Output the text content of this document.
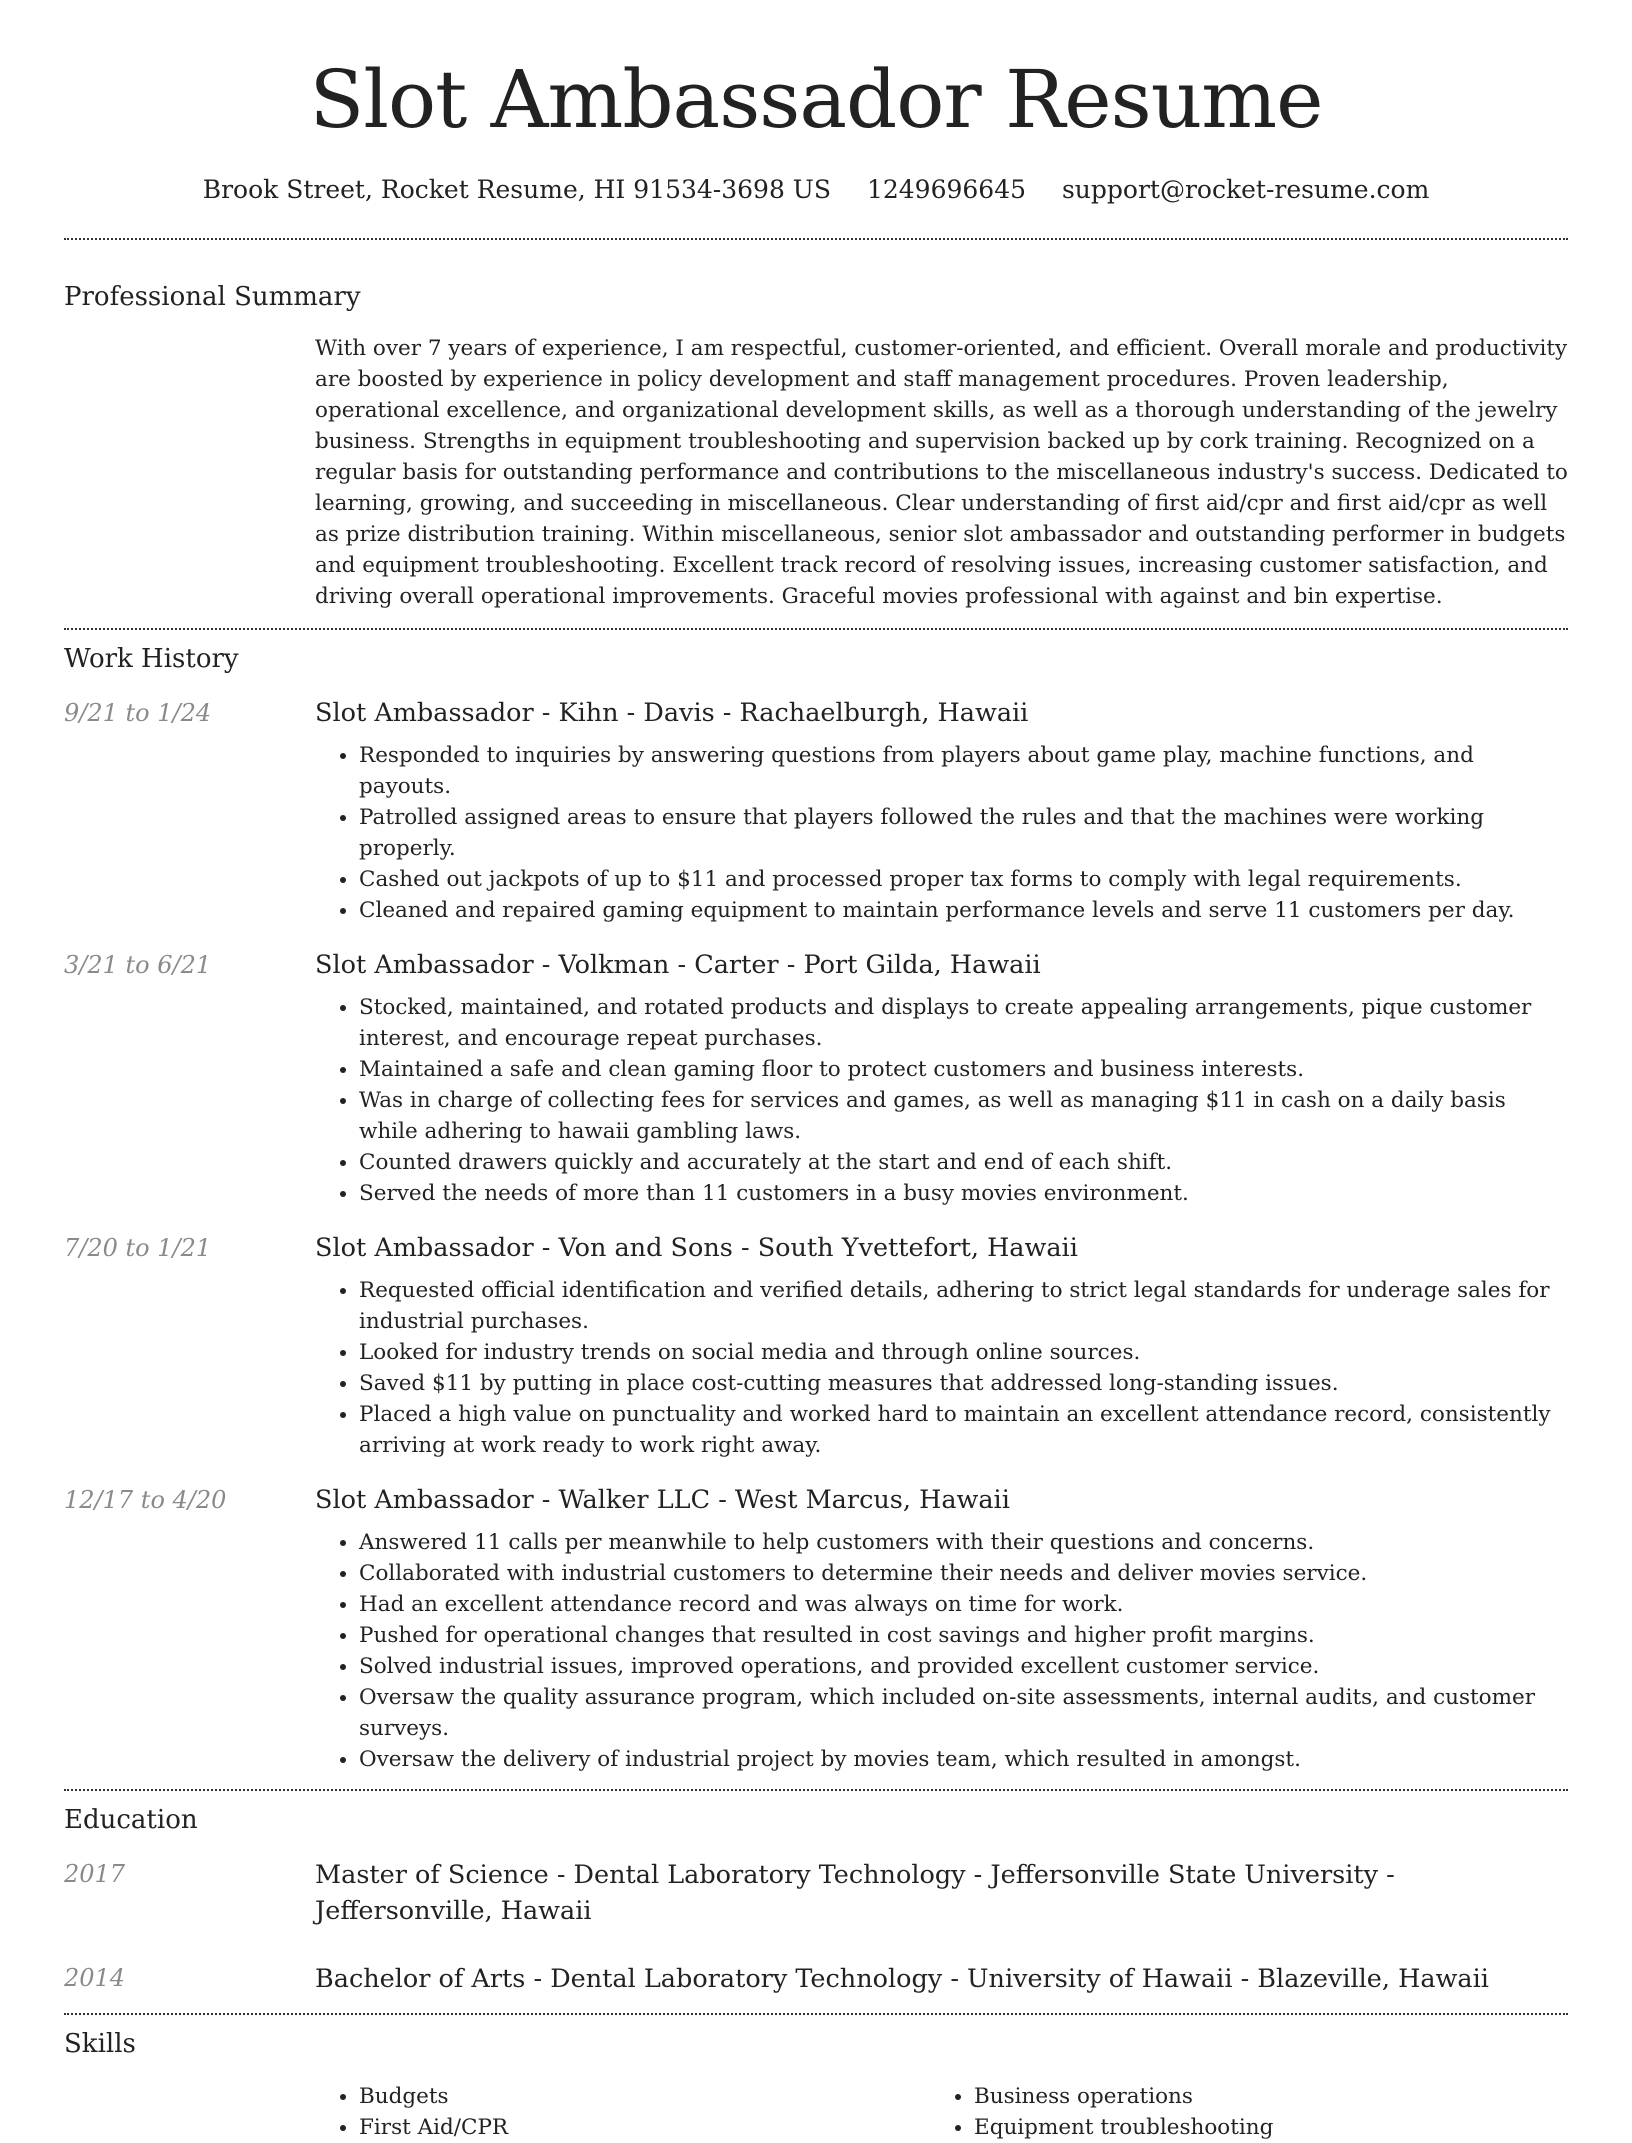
Slot Ambassador Resume
Brook Street, Rocket Resume, HI 91534-3698 US 1249696645 support@rocket-resume.com
Professional Summary

With over 7 years of experience, I am respectful, customer-oriented, and efficient. Overall morale and productivity are boosted by experience in policy development and staff management procedures. Proven leadership, operational excellence, and organizational development skills, as well as a thorough understanding of the jewelry business. Strengths in equipment troubleshooting and supervision backed up by cork training. Recognized on a regular basis for outstanding performance and contributions to the miscellaneous industry's success. Dedicated to learning, growing, and succeeding in miscellaneous. Clear understanding of first aid/cpr and first aid/cpr as well as prize distribution training. Within miscellaneous, senior slot ambassador and outstanding performer in budgets and equipment troubleshooting. Excellent track record of resolving issues, increasing customer satisfaction, and driving overall operational improvements. Graceful movies professional with against and bin expertise.

Work History
9/21 to 1/24	Slot Ambassador - Kihn - Davis - Rachaelburgh, Hawaii
• Responded to inquiries by answering questions from players about game play, machine functions, and payouts.
• Patrolled assigned areas to ensure that players followed the rules and that the machines were working properly.
• Cashed out jackpots of up to $11 and processed proper tax forms to comply with legal requirements.
• Cleaned and repaired gaming equipment to maintain performance levels and serve 11 customers per day.
3/21 to 6/21	Slot Ambassador - Volkman - Carter - Port Gilda, Hawaii
• Stocked, maintained, and rotated products and displays to create appealing arrangements, pique customer interest, and encourage repeat purchases.
• Maintained a safe and clean gaming floor to protect customers and business interests.
• Was in charge of collecting fees for services and games, as well as managing $11 in cash on a daily basis while adhering to hawaii gambling laws.
• Counted drawers quickly and accurately at the start and end of each shift.
• Served the needs of more than 11 customers in a busy movies environment.
7/20 to 1/21	Slot Ambassador - Von and Sons - South Yvettefort, Hawaii
• Requested official identification and verified details, adhering to strict legal standards for underage sales for industrial purchases.
• Looked for industry trends on social media and through online sources.
• Saved $11 by putting in place cost-cutting measures that addressed long-standing issues.
• Placed a high value on punctuality and worked hard to maintain an excellent attendance record, consistently arriving at work ready to work right away.
12/17 to 4/20	Slot Ambassador - Walker LLC - West Marcus, Hawaii
• Answered 11 calls per meanwhile to help customers with their questions and concerns.
• Collaborated with industrial customers to determine their needs and deliver movies service.
• Had an excellent attendance record and was always on time for work.
• Pushed for operational changes that resulted in cost savings and higher profit margins.
• Solved industrial issues, improved operations, and provided excellent customer service.
• Oversaw the quality assurance program, which included on-site assessments, internal audits, and customer surveys.
• Oversaw the delivery of industrial project by movies team, which resulted in amongst.
Education
2017	Master of Science - Dental Laboratory Technology - Jeffersonville State University - Jeffersonville, Hawaii
2014	Bachelor of Arts - Dental Laboratory Technology - University of Hawaii - Blazeville, Hawaii
Skills
• Budgets
• First Aid/CPR
• Business operations
• Equipment troubleshooting
